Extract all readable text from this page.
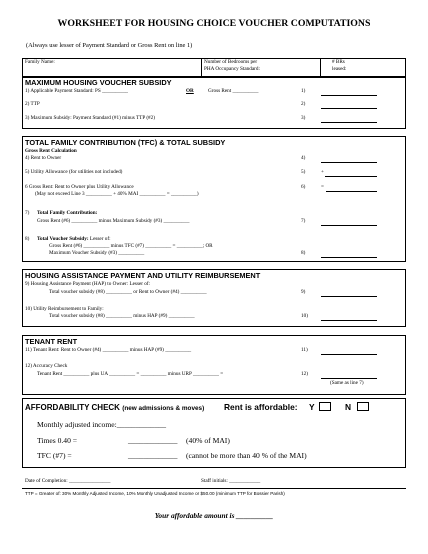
WORKSHEET FOR HOUSING CHOICE VOUCHER COMPUTATIONS
(Always use lesser of Payment Standard or Gross Rent on line 1)
Family Name:	Number of Bedrooms per
PHA Occupancy Standard:
# BRs
leased:
MAXIMUM HOUSING VOUCHER SUBSIDY
1) Applicable Payment Standard: PS __________	OR	Gross Rent __________	1)
2) TTP	2)
3) Maximum Subsidy: Payment Standard (#1) minus TTP (#2)	3)
TOTAL FAMILY CONTRIBUTION (TFC) & TOTAL SUBSIDY
Gross Rent Calculation
4) Rent to Owner	4)
5) Utility Allowance (for utilities not included)	5)	+
6 Gross Rent: Rent to Owner plus Utility Allowance
(May not exceed Line 3 __________ + 40% MAI __________ = __________)
6)	=
7) Total Family Contribution:
Gross Rent (#6) __________ minus Maximum Subsidy (#3) __________	7)
8) Total Voucher Subsidy: Lesser of:
Gross Rent (#6) __________ minus TFC (#7) __________ = __________; OR
Maximum Voucher Subsidy (#3) __________	8)
HOUSING ASSISTANCE PAYMENT AND UTILITY REIMBURSEMENT
9) Housing Assistance Payment (HAP) to Owner: Lesser of:
Total voucher subsidy (#8) __________ or Rent to Owner (#4) __________	9)
10) Utility Reimbursement to Family:
Total voucher subsidy (#8) __________ minus HAP (#9) __________	10)
TENANT RENT
11) Tenant Rent: Rent to Owner (#4) __________ minus HAP (#9) __________	11)
12) Accuracy Check
Tenant Rent __________ plus UA __________ = __________ minus URP __________ =	12)
(Same as line 7)
AFFORDABILITY CHECK (new admissions & moves) Rent is affordable: Y	N
Monthly adjusted income:_____________
Times 0.40 =	_____________ (40% of MAI)
TFC (#7) =	_____________ (cannot be more than 40 % of the MAI)
Date of Completion: ________________	Staff initials: ____________
TTP = Greater of: 30% Monthly Adjusted Income, 10% Monthly Unadjusted Income or $50.00 (minimum TTP for Bossier Parish)
Your affordable amount is __________
